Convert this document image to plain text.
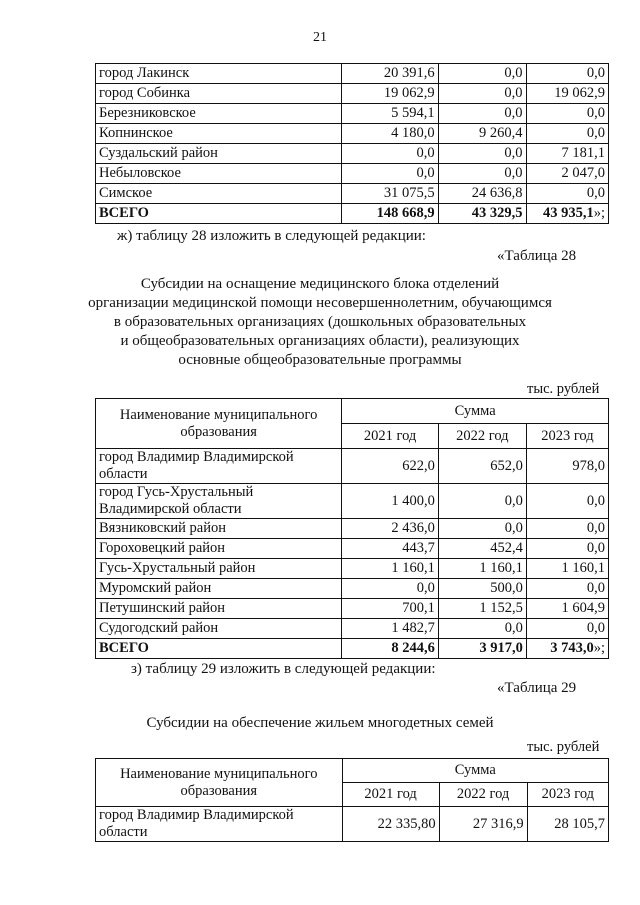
21
город Лакинск	20 391,6	0,0	0,0
город Собинка	19 062,9	0,0	19 062,9
Березниковское	5 594,1	0,0	0,0
Копнинское	4 180,0	9 260,4	0,0
Суздальский район	0,0	0,0	7 181,1
Небыловское	0,0	0,0	2 047,0
Симское	31 075,5	24 636,8	0,0
ВСЕГО	148 668,9	43 329,5	43 935,1»;
ж) таблицу 28 изложить в следующей редакции:
«Таблица 28
Субсидии на оснащение медицинского блока отделений
организации медицинской помощи несовершеннолетним, обучающимся
в образовательных организациях (дошкольных образовательных
и общеобразовательных организациях области), реализующих
основные общеобразовательные программы
тыс. рублей
Наименование муниципального образования	Сумма		
	2021 год	2022 год	2023 год
город Владимир Владимирской области	622,0	652,0	978,0
город Гусь-Хрустальный Владимирской области	1 400,0	0,0	0,0
Вязниковский район	2 436,0	0,0	0,0
Гороховецкий район	443,7	452,4	0,0
Гусь-Хрустальный район	1 160,1	1 160,1	1 160,1
Муромский район	0,0	500,0	0,0
Петушинский район	700,1	1 152,5	1 604,9
Судогодский район	1 482,7	0,0	0,0
ВСЕГО	8 244,6	3 917,0	3 743,0»;
з) таблицу 29 изложить в следующей редакции:
«Таблица 29
Субсидии на обеспечение жильем многодетных семей
тыс. рублей
Наименование муниципального образования	Сумма		
	2021 год	2022 год	2023 год
город Владимир Владимирской области	22 335,80	27 316,9	28 105,7
